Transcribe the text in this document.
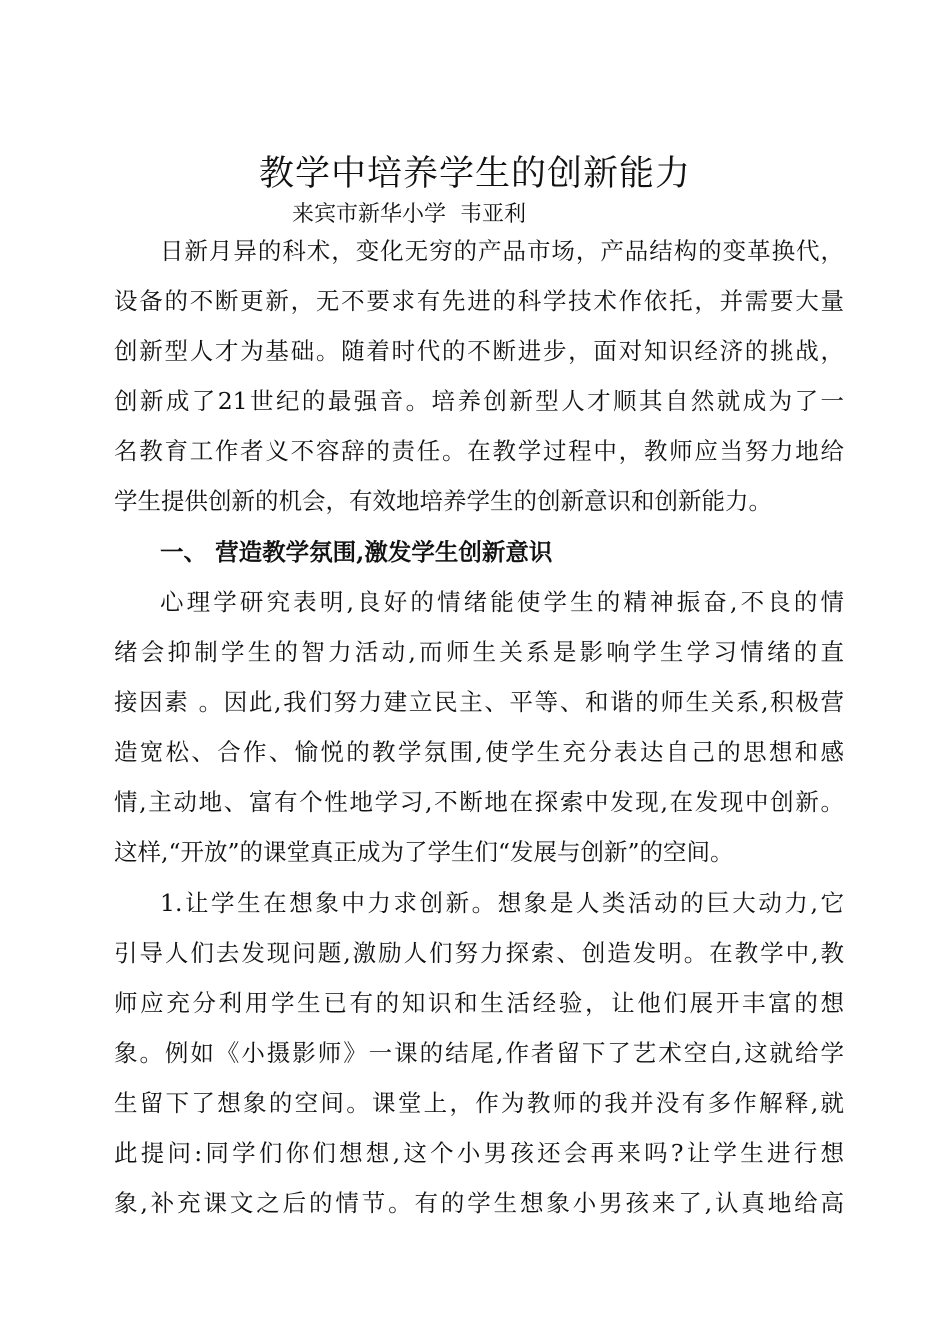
教学中培养学生的创新能力
来宾市新华小学  韦亚利
日新月异的科术，变化无穷的产品市场，产品结构的变革换代，
设备的不断更新，无不要求有先进的科学技术作依托，并需要大量
创新型人才为基础。随着时代的不断进步，面对知识经济的挑战，
创新成了21世纪的最强音。培养创新型人才顺其自然就成为了一
名教育工作者义不容辞的责任。在教学过程中，教师应当努力地给
学生提供创新的机会，有效地培养学生的创新意识和创新能力。
一、 营造教学氛围,激发学生创新意识
心理学研究表明,良好的情绪能使学生的精神振奋,不良的情
绪会抑制学生的智力活动,而师生关系是影响学生学习情绪的直
接因素 。因此,我们努力建立民主、平等、和谐的师生关系,积极营
造宽松、合作、愉悦的教学氛围,使学生充分表达自己的思想和感
情,主动地、富有个性地学习,不断地在探索中发现,在发现中创新。
这样,“开放”的课堂真正成为了学生们“发展与创新”的空间。
1.让学生在想象中力求创新。想象是人类活动的巨大动力,它
引导人们去发现问题,激励人们努力探索、创造发明。在教学中,教
师应充分利用学生已有的知识和生活经验，让他们展开丰富的想
象。例如《小摄影师》一课的结尾,作者留下了艺术空白,这就给学
生留下了想象的空间。课堂上，作为教师的我并没有多作解释,就
此提问:同学们你们想想,这个小男孩还会再来吗?让学生进行想
象,补充课文之后的情节。有的学生想象小男孩来了,认真地给高
